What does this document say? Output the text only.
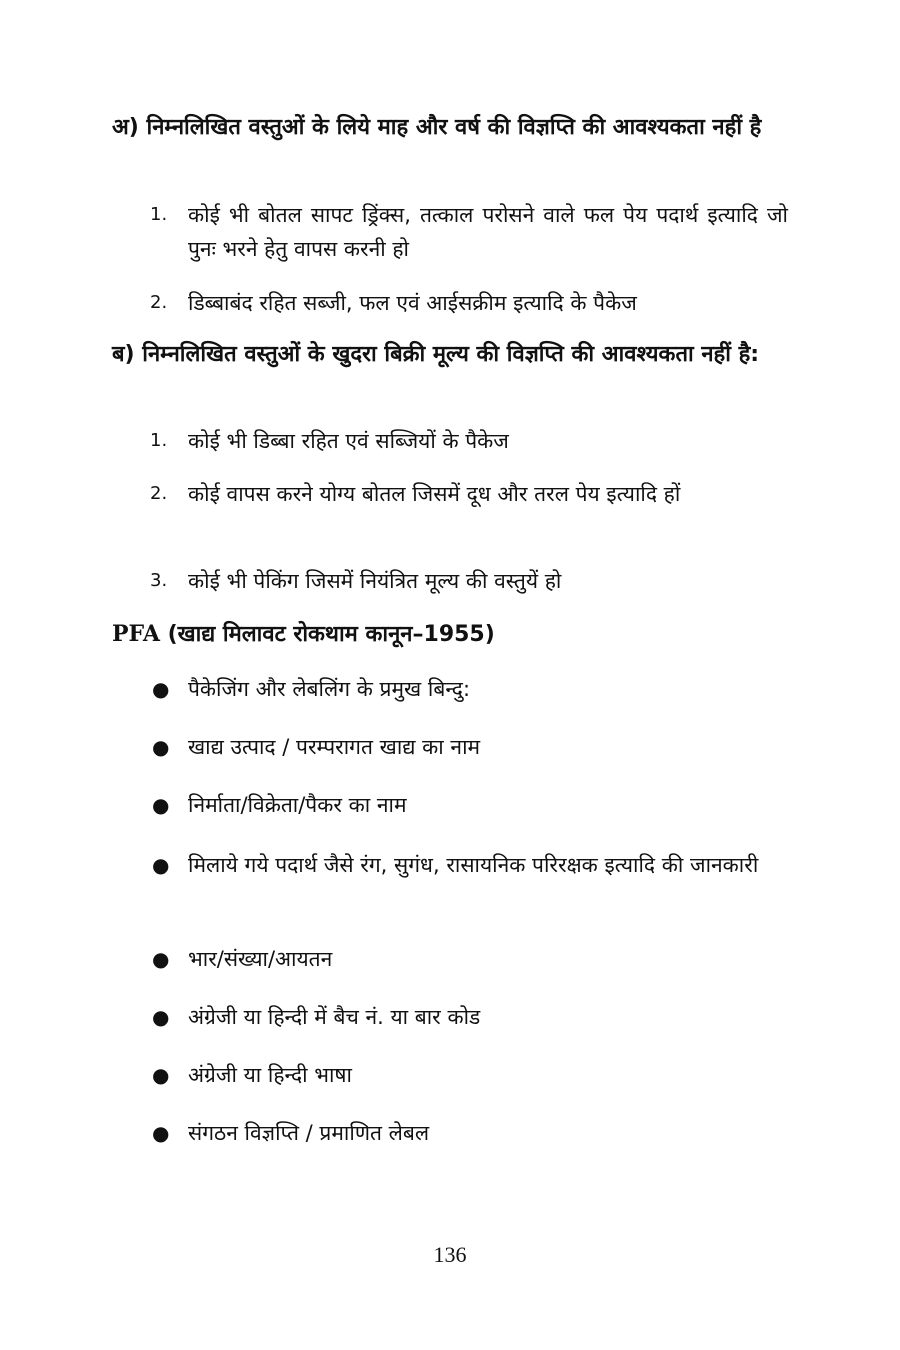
अ) निम्नलिखित वस्तुओं के लिये माह और वर्ष की विज्ञप्ति की आवश्यकता नहीं है

1. कोई भी बोतल सापट ड्रिंक्स, तत्काल परोसने वाले फल पेय पदार्थ इत्यादि जो पुनः भरने हेतु वापस करनी हो
2. डिब्बाबंद रहित सब्जी, फल एवं आईसक्रीम इत्यादि के पैकेज

ब) निम्नलिखित वस्तुओं के खुदरा बिक्री मूल्य की विज्ञप्ति की आवश्यकता नहीं है:

1. कोई भी डिब्बा रहित एवं सब्जियों के पैकेज
2. कोई वापस करने योग्य बोतल जिसमें दूध और तरल पेय इत्यादि हों
3. कोई भी पेकिंग जिसमें नियंत्रित मूल्य की वस्तुयें हो
PFA (खाद्य मिलावट रोकथाम कानून–1955)
● पैकेजिंग और लेबलिंग के प्रमुख बिन्दु:
● खाद्य उत्पाद / परम्परागत खाद्य का नाम
● निर्माता/विक्रेता/पैकर का नाम
● मिलाये गये पदार्थ जैसे रंग, सुगंध, रासायनिक परिरक्षक इत्यादि की जानकारी
● भार/संख्या/आयतन
● अंग्रेजी या हिन्दी में बैच नं. या बार कोड
● अंग्रेजी या हिन्दी भाषा
● संगठन विज्ञप्ति / प्रमाणित लेबल
136
